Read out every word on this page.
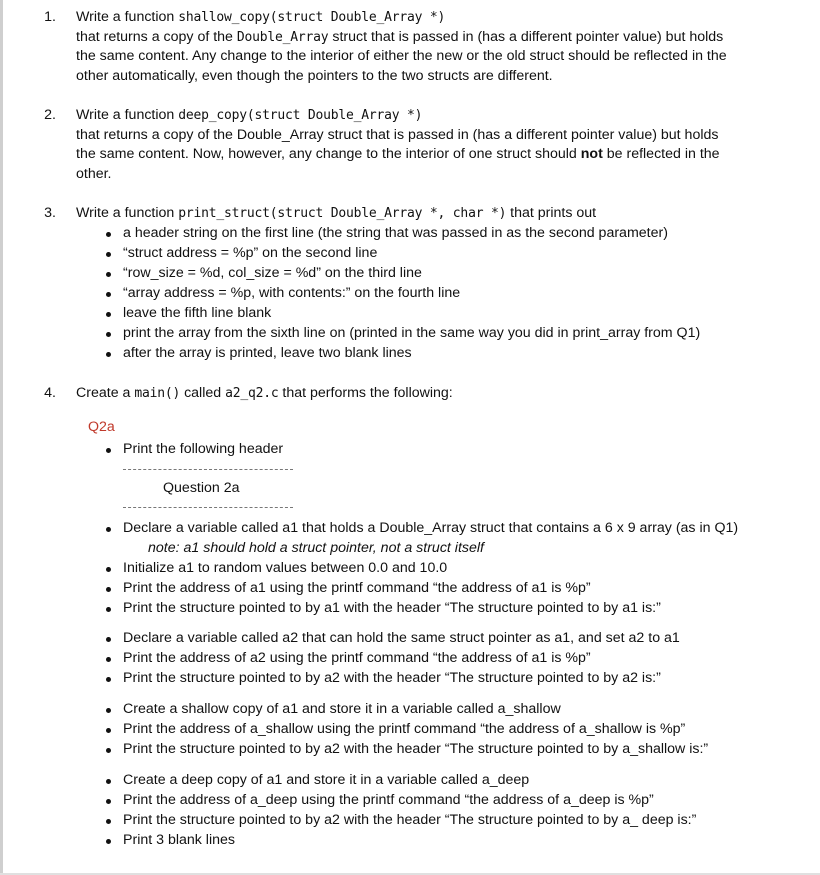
1. Write a function shallow_copy(struct Double_Array *)
that returns a copy of the Double_Array struct that is passed in (has a different pointer value) but holds
the same content. Any change to the interior of either the new or the old struct should be reflected in the
other automatically, even though the pointers to the two structs are different.
2. Write a function deep_copy(struct Double_Array *)
that returns a copy of the Double_Array struct that is passed in (has a different pointer value) but holds
the same content. Now, however, any change to the interior of one struct should not be reflected in the
other.
3. Write a function print_struct(struct Double_Array *, char *) that prints out
a header string on the first line (the string that was passed in as the second parameter)
“struct address = %p” on the second line
“row_size = %d, col_size = %d” on the third line
“array address = %p, with contents:” on the fourth line
leave the fifth line blank
print the array from the sixth line on (printed in the same way you did in print_array from Q1)
after the array is printed, leave two blank lines
4. Create a main() called a2_q2.c that performs the following:
Q2a
Print the following header
Question 2a
Declare a variable called a1 that holds a Double_Array struct that contains a 6 x 9 array (as in Q1)
note: a1 should hold a struct pointer, not a struct itself
Initialize a1 to random values between 0.0 and 10.0
Print the address of a1 using the printf command “the address of a1 is %p”
Print the structure pointed to by a1 with the header “The structure pointed to by a1 is:”
Declare a variable called a2 that can hold the same struct pointer as a1, and set a2 to a1
Print the address of a2 using the printf command “the address of a1 is %p”
Print the structure pointed to by a2 with the header “The structure pointed to by a2 is:”
Create a shallow copy of a1 and store it in a variable called a_shallow
Print the address of a_shallow using the printf command “the address of a_shallow is %p”
Print the structure pointed to by a2 with the header “The structure pointed to by a_shallow is:”
Create a deep copy of a1 and store it in a variable called a_deep
Print the address of a_deep using the printf command “the address of a_deep is %p”
Print the structure pointed to by a2 with the header “The structure pointed to by a_ deep is:”
Print 3 blank lines
